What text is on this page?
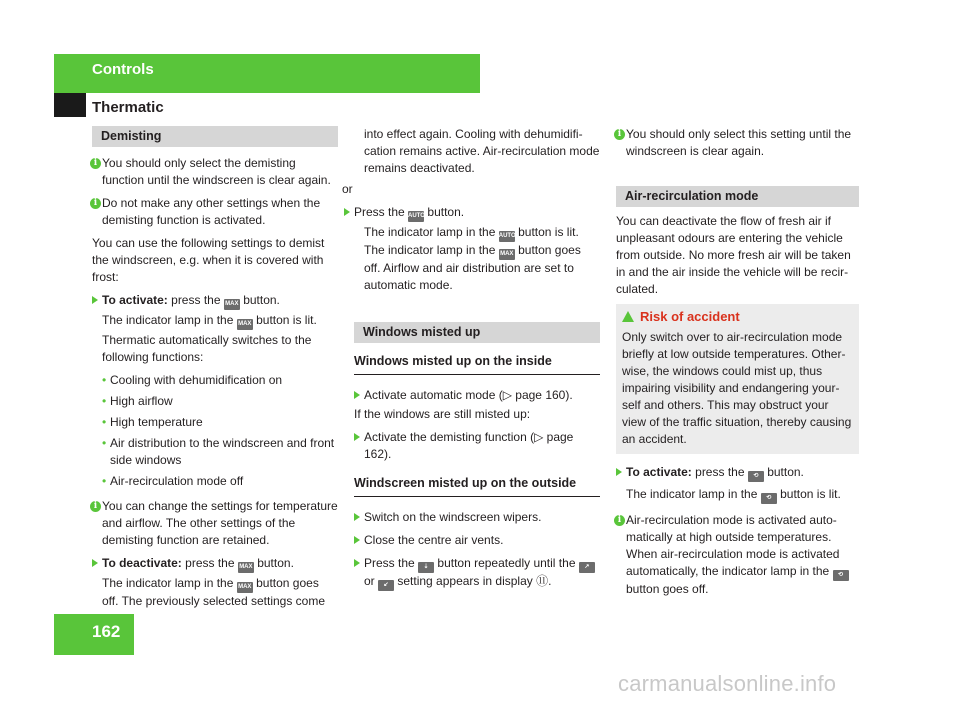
Controls
Thermatic
Demisting
i You should only select the demisting function until the windscreen is clear again.
i Do not make any other settings when the demisting function is activated.

You can use the following settings to demist the windscreen, e.g. when it is covered with frost:

To activate: press the MAX button.
The indicator lamp in the MAX button is lit.
Thermatic automatically switches to the following functions:
• Cooling with dehumidification on
• High airflow
• High temperature
• Air distribution to the windscreen and front side windows
• Air-recirculation mode off
i You can change the settings for temperature and airflow. The other settings of the demisting function are retained.
To deactivate: press the MAX button.
The indicator lamp in the MAX button goes off. The previously selected settings come
into effect again. Cooling with dehumidification remains active. Air-recirculation mode remains deactivated.

or

Press the AUTO button.
The indicator lamp in the AUTO button is lit.
The indicator lamp in the MAX button goes off. Airflow and air distribution are set to automatic mode.
Windows misted up
Windows misted up on the inside
Activate automatic mode (▷ page 160).

If the windows are still misted up:

Activate the demisting function (▷ page 162).
Windscreen misted up on the outside
Switch on the windscreen wipers.
Close the centre air vents.
Press the ⇣ button repeatedly until the ↗ or ↙ setting appears in display ⑪.
i You should only select this setting until the windscreen is clear again.
Air-recirculation mode

You can deactivate the flow of fresh air if unpleasant odours are entering the vehicle from outside. No more fresh air will be taken in and the air inside the vehicle will be recirculated.

Risk of accident
Only switch over to air-recirculation mode briefly at low outside temperatures. Otherwise, the windows could mist up, thus impairing visibility and endangering yourself and others. This may obstruct your view of the traffic situation, thereby causing an accident.
To activate: press the ⟲ button.
The indicator lamp in the ⟲ button is lit.
i Air-recirculation mode is activated automatically at high outside temperatures. When air-recirculation mode is activated automatically, the indicator lamp in the ⟲ button goes off.
162
carmanualsonline.info
